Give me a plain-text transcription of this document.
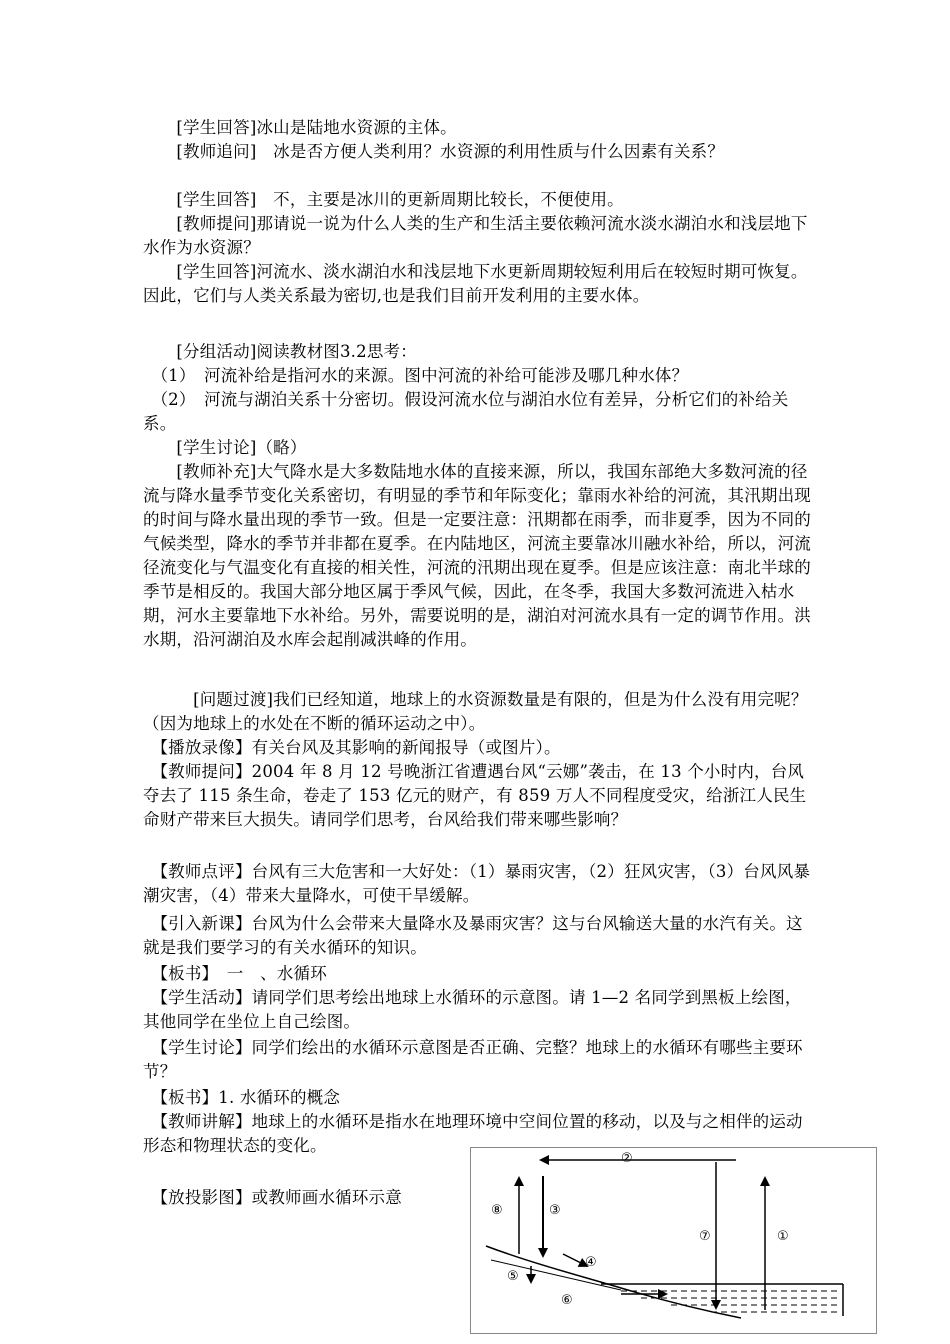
　　[学生回答]冰山是陆地水资源的主体。

　　[教师追问]　冰是否方便人类利用？水资源的利用性质与什么因素有关系？

　　[学生回答]　不，主要是冰川的更新周期比较长，不便使用。

　　[教师提问]那请说一说为什么人类的生产和生活主要依赖河流水淡水湖泊水和浅层地下水作为水资源？

　　[学生回答]河流水、淡水湖泊水和浅层地下水更新周期较短利用后在较短时期可恢复。因此，它们与人类关系最为密切,也是我们目前开发利用的主要水体。

　　[分组活动]阅读教材图3.2思考：

　（1）　河流补给是指河水的来源。图中河流的补给可能涉及哪几种水体？

　（2）　河流与湖泊关系十分密切。假设河流水位与湖泊水位有差异，分析它们的补给关系。

　　[学生讨论]（略）

　　[教师补充]大气降水是大多数陆地水体的直接来源，所以，我国东部绝大多数河流的径流与降水量季节变化关系密切，有明显的季节和年际变化；靠雨水补给的河流，其汛期出现的时间与降水量出现的季节一致。但是一定要注意：汛期都在雨季，而非夏季，因为不同的气候类型，降水的季节并非都在夏季。在内陆地区，河流主要靠冰川融水补给，所以，河流径流变化与气温变化有直接的相关性，河流的汛期出现在夏季。但是应该注意：南北半球的季节是相反的。我国大部分地区属于季风气候，因此，在冬季，我国大多数河流进入枯水期，河水主要靠地下水补给。另外，需要说明的是，湖泊对河流水具有一定的调节作用。洪水期，沿河湖泊及水库会起削减洪峰的作用。

　　　[问题过渡]我们已经知道，地球上的水资源数量是有限的，但是为什么没有用完呢？（因为地球上的水处在不断的循环运动之中）。

　【播放录像】有关台风及其影响的新闻报导（或图片）。

　【教师提问】2004 年 8 月 12 号晚浙江省遭遇台风“云娜”袭击，在 13 个小时内，台风夺去了 115 条生命，卷走了 153 亿元的财产，有 859 万人不同程度受灾，给浙江人民生命财产带来巨大损失。请同学们思考，台风给我们带来哪些影响？

　【教师点评】台风有三大危害和一大好处：（1）暴雨灾害，（2）狂风灾害，（3）台风风暴潮灾害，（4）带来大量降水，可使干旱缓解。

　【引入新课】台风为什么会带来大量降水及暴雨灾害？这与台风输送大量的水汽有关。这就是我们要学习的有关水循环的知识。

　【板书】　一　、水循环

　【学生活动】请同学们思考绘出地球上水循环的示意图。请 1—2 名同学到黑板上绘图，其他同学在坐位上自己绘图。

　【学生讨论】同学们绘出的水循环示意图是否正确、完整？地球上的水循环有哪些主要环节？

　【板书】1. 水循环的概念

　【教师讲解】地球上的水循环是指水在地理环境中空间位置的移动，以及与之相伴的运动形态和物理状态的变化。

　【放投影图】或教师画水循环示意

②
⑧	③
④
⑤
⑥
⑦	①
